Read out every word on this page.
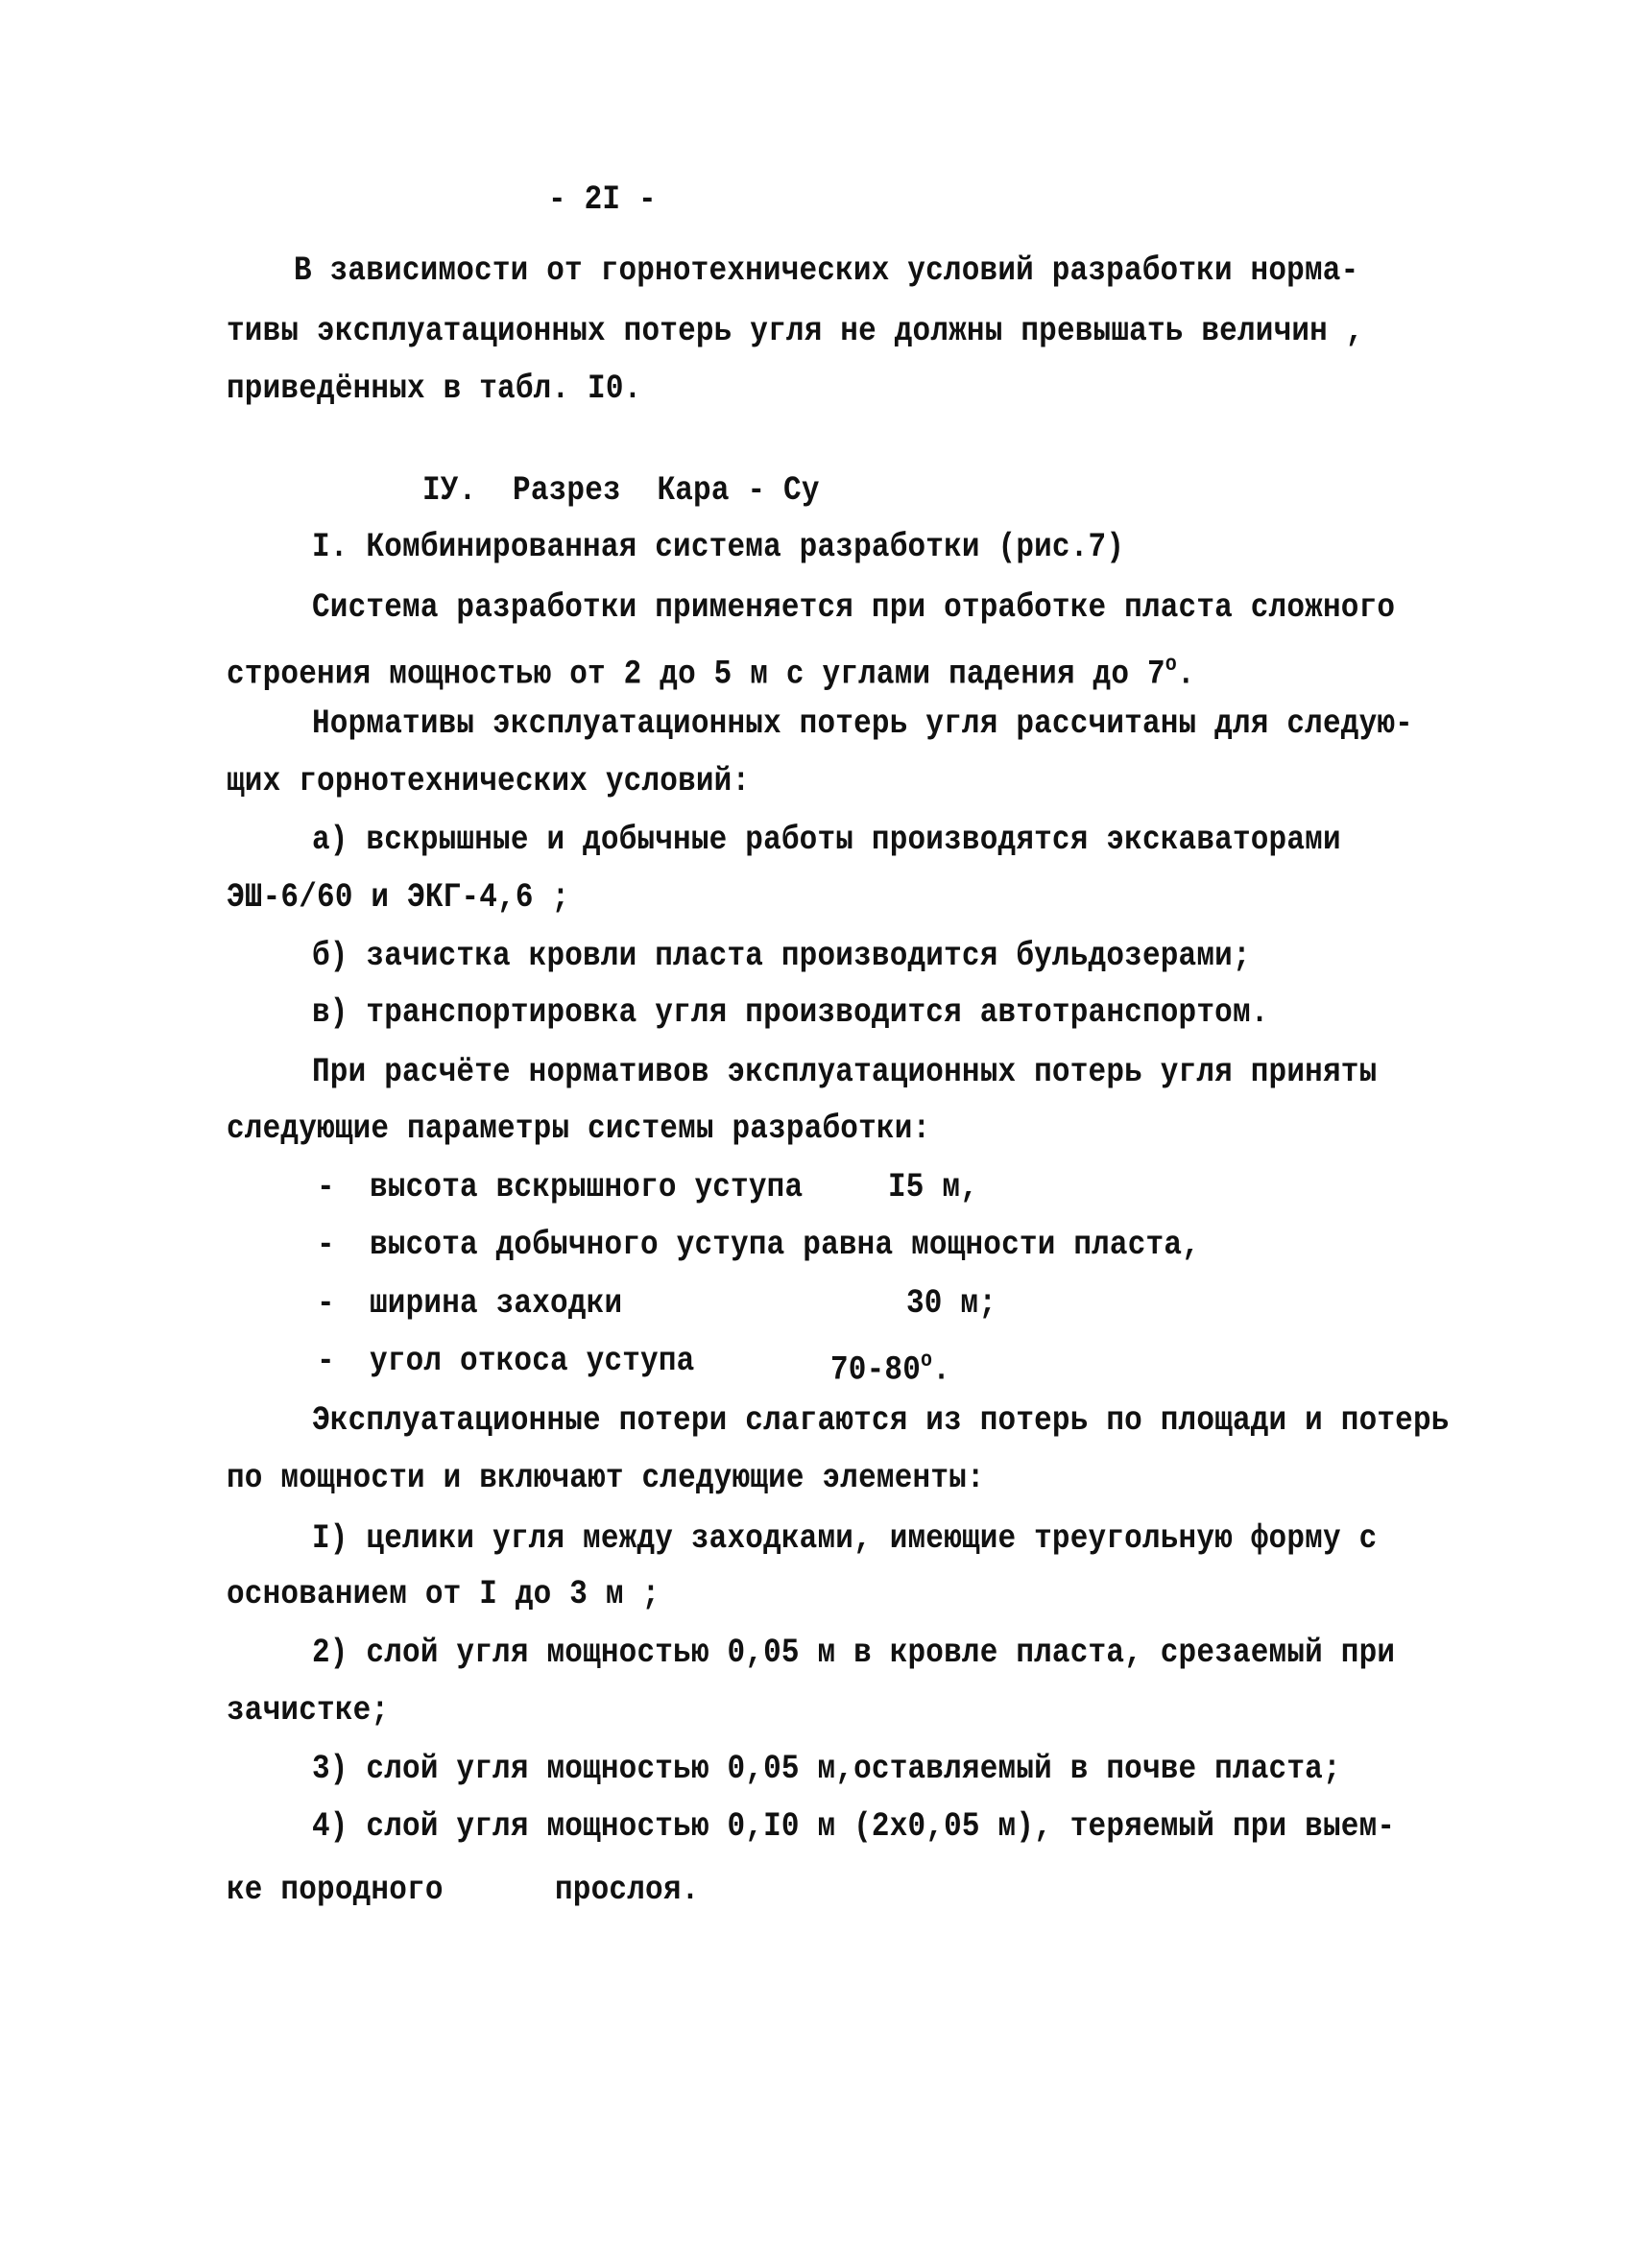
- 2I -
В зависимости от горнотехнических условий разработки норма-
тивы эксплуатационных потерь угля не должны превышать величин ,
приведённых в табл. I0.
IУ.  Разрез  Кара - Су
I. Комбинированная система разработки (рис.7)
Система разработки применяется при отработке пласта сложного
строения мощностью от 2 до 5 м с углами падения до $7^о$.
Нормативы эксплуатационных потерь угля рассчитаны для следую-
щих горнотехнических условий:
а) вскрышные и добычные работы производятся экскаваторами
ЭШ-6/60 и ЭКГ-4,6 ;
б) зачистка кровли пласта производится бульдозерами;
в) транспортировка угля производится автотранспортом.
При расчёте нормативов эксплуатационных потерь угля приняты
следующие параметры системы разработки:
- высота вскрышного уступа	I5 м,
- высота добычного уступа равна мощности пласта,
- ширина заходки	30 м;
- угол откоса уступа	$70-80^о$.
Эксплуатационные потери слагаются из потерь по площади и потерь
по мощности и включают следующие элементы:
I) целики угля между заходками, имеющие треугольную форму с
основанием от I до 3 м ;
2) слой угля мощностью 0,05 м в кровле пласта, срезаемый при
зачистке;
3) слой угля мощностью 0,05 м,оставляемый в почве пласта;
4) слой угля мощностью 0,I0 м (2х0,05 м), теряемый при выем-
ке породного	прослоя.
